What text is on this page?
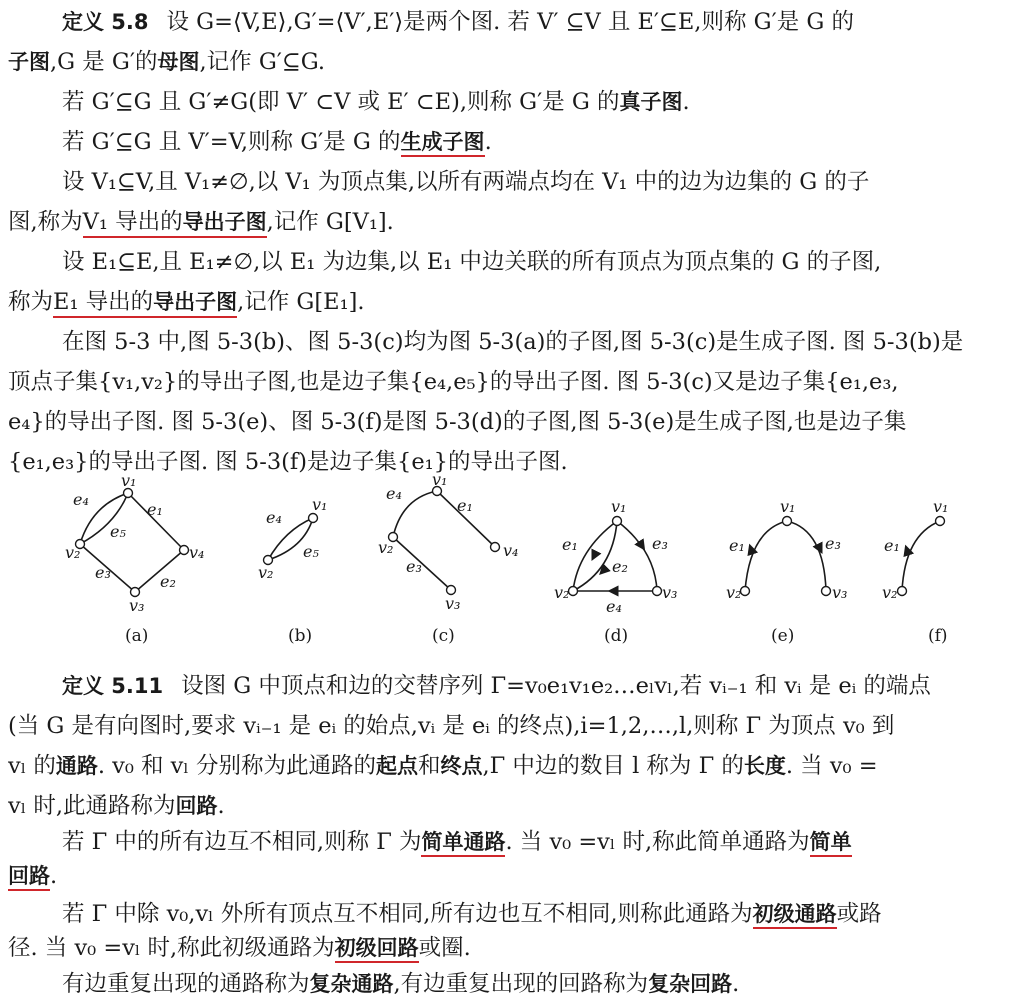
定义 5.8 设 G=⟨V,E⟩,G′=⟨V′,E′⟩是两个图. 若 V′ ⊆V 且 E′⊆E,则称 G′是 G 的
子图,G 是 G′的母图,记作 G′⊆G.
若 G′⊆G 且 G′≠G(即 V′ ⊂V 或 E′ ⊂E),则称 G′是 G 的真子图.
若 G′⊆G 且 V′=V,则称 G′是 G 的生成子图.
设 V₁⊆V,且 V₁≠∅,以 V₁ 为顶点集,以所有两端点均在 V₁ 中的边为边集的 G 的子
图,称为V₁ 导出的导出子图,记作 G[V₁].
设 E₁⊆E,且 E₁≠∅,以 E₁ 为边集,以 E₁ 中边关联的所有顶点为顶点集的 G 的子图,
称为E₁ 导出的导出子图,记作 G[E₁].
在图 5-3 中,图 5-3(b)、图 5-3(c)均为图 5-3(a)的子图,图 5-3(c)是生成子图. 图 5-3(b)是
顶点子集{v₁,v₂}的导出子图,也是边子集{e₄,e₅}的导出子图. 图 5-3(c)又是边子集{e₁,e₃,
e₄}的导出子图. 图 5-3(e)、图 5-3(f)是图 5-3(d)的子图,图 5-3(e)是生成子图,也是边子集
{e₁,e₃}的导出子图. 图 5-3(f)是边子集{e₁}的导出子图.
v₁
e₄
e₅
e₁
v₂	v₄
e₃	e₂
v₃
v₁
e₄
e₅
v₂
v₁
e₄
e₁
v₂	v₄
e₃
v₃
v₁
e₁	e₃
e₂
v₂	v₃
e₄
v₁
e₁	e₃
v₂	v₃
v₁
e₁
v₂
(a)	(b)	(c)	(d)	(e)	(f)
定义 5.11 设图 G 中顶点和边的交替序列 Γ=v₀e₁v₁e₂…eₗvₗ,若 vᵢ₋₁ 和 vᵢ 是 eᵢ 的端点
(当 G 是有向图时,要求 vᵢ₋₁ 是 eᵢ 的始点,vᵢ 是 eᵢ 的终点),i=1,2,…,l,则称 Γ 为顶点 v₀ 到
vₗ 的通路. v₀ 和 vₗ 分别称为此通路的起点和终点,Γ 中边的数目 l 称为 Γ 的长度. 当 v₀ =
vₗ 时,此通路称为回路.
若 Γ 中的所有边互不相同,则称 Γ 为简单通路. 当 v₀ =vₗ 时,称此简单通路为简单
回路.
若 Γ 中除 v₀,vₗ 外所有顶点互不相同,所有边也互不相同,则称此通路为初级通路或路
径. 当 v₀ =vₗ 时,称此初级通路为初级回路或圈.
有边重复出现的通路称为复杂通路,有边重复出现的回路称为复杂回路.
